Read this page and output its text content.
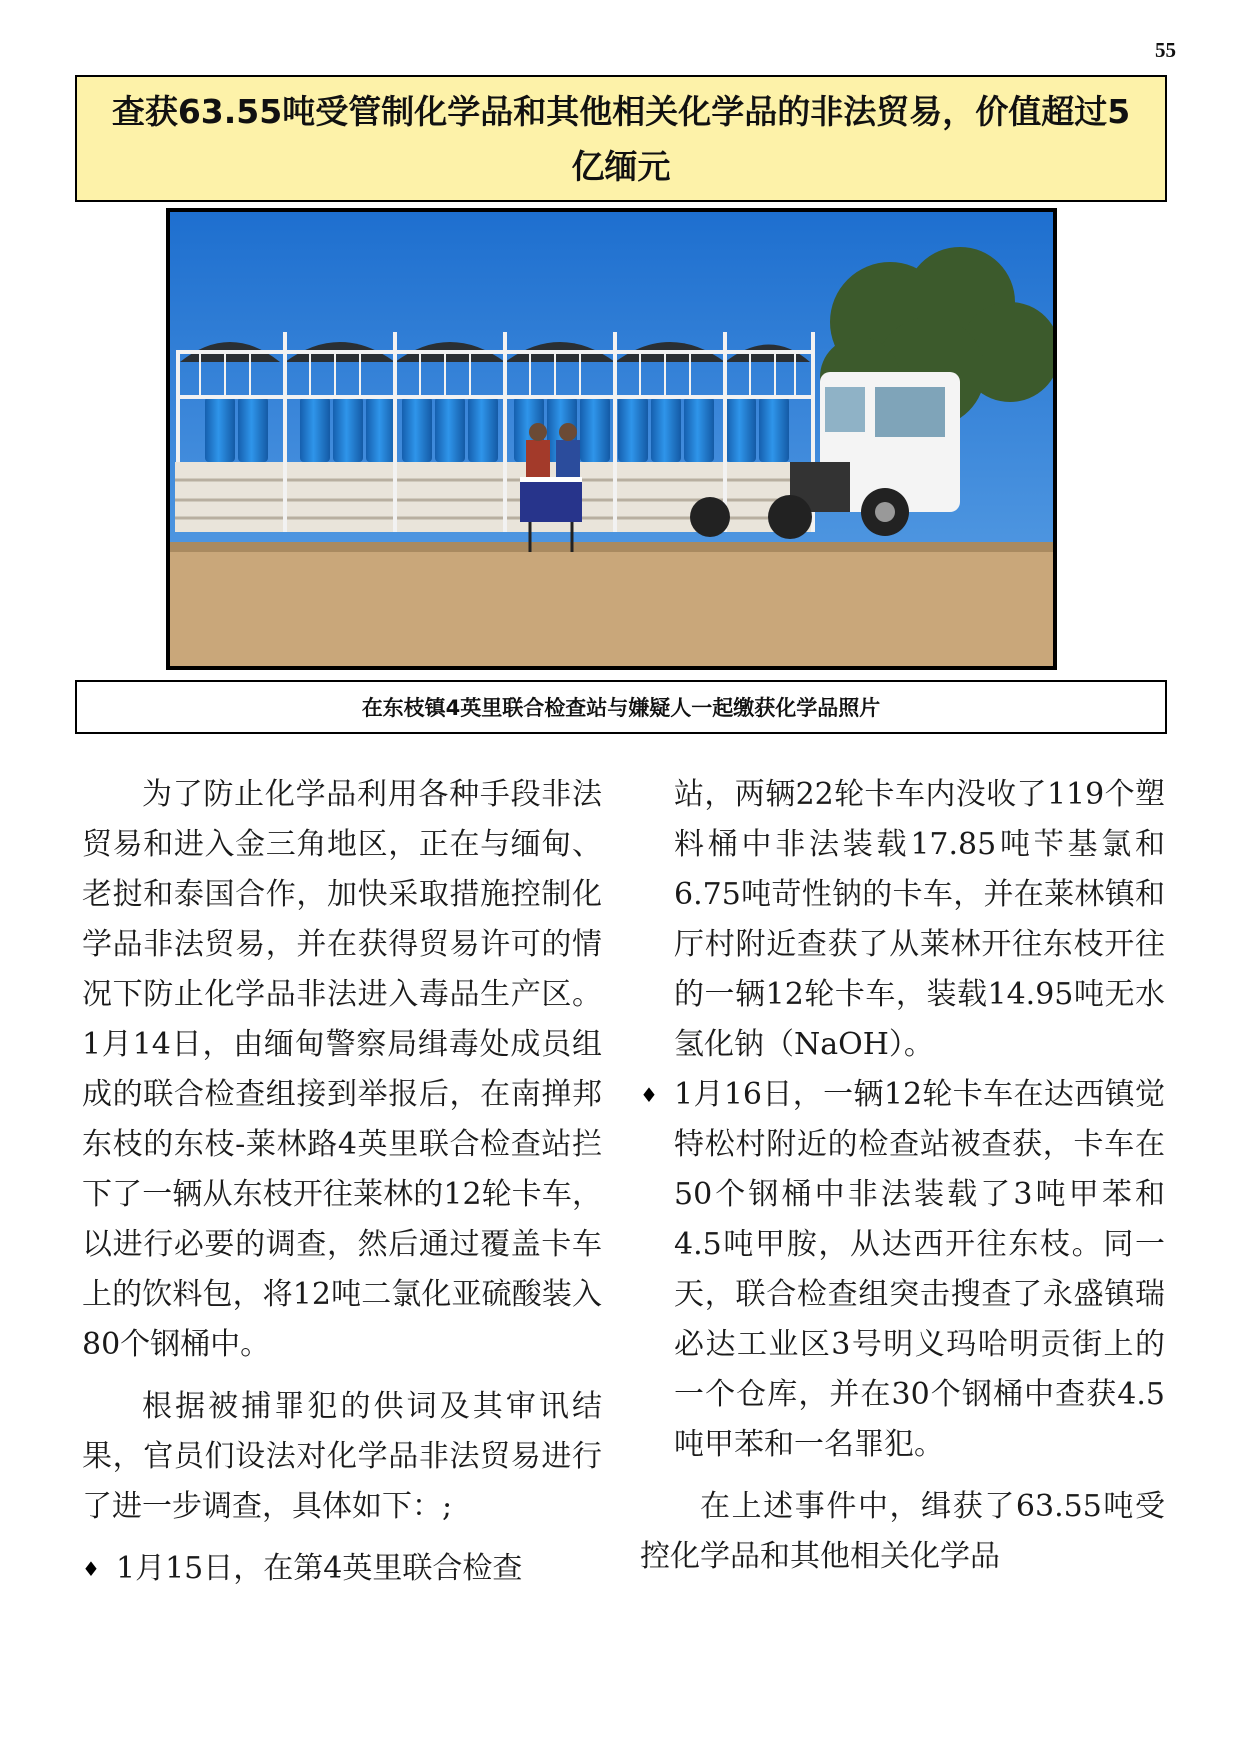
55
查获63.55吨受管制化学品和其他相关化学品的非法贸易，价值超过5亿缅元
在东枝镇4英里联合检查站与嫌疑人一起缴获化学品照片

为了防止化学品利用各种手段非法贸易和进入金三角地区，正在与缅甸、老挝和泰国合作，加快采取措施控制化学品非法贸易，并在获得贸易许可的情况下防止化学品非法进入毒品生产区。1月14日，由缅甸警察局缉毒处成员组成的联合检查组接到举报后，在南掸邦东枝的东枝-莱林路4英里联合检查站拦下了一辆从东枝开往莱林的12轮卡车，以进行必要的调查，然后通过覆盖卡车上的饮料包，将12吨二氯化亚硫酸装入80个钢桶中。

根据被捕罪犯的供词及其审讯结果，官员们设法对化学品非法贸易进行了进一步调查，具体如下：;

♦ 1月15日，在第4英里联合检查

站，两辆22轮卡车内没收了119个塑料桶中非法装载17.85吨苄基氯和6.75吨苛性钠的卡车，并在莱林镇和厅村附近查获了从莱林开往东枝开往的一辆12轮卡车，装载14.95吨无水氢化钠（NaOH）。

♦ 1月16日，一辆12轮卡车在达西镇觉特松村附近的检查站被查获，卡车在50个钢桶中非法装载了3吨甲苯和4.5吨甲胺，从达西开往东枝。同一天，联合检查组突击搜查了永盛镇瑞必达工业区3号明义玛哈明贡街上的一个仓库，并在30个钢桶中查获4.5吨甲苯和一名罪犯。

在上述事件中，缉获了63.55吨受控化学品和其他相关化学品
